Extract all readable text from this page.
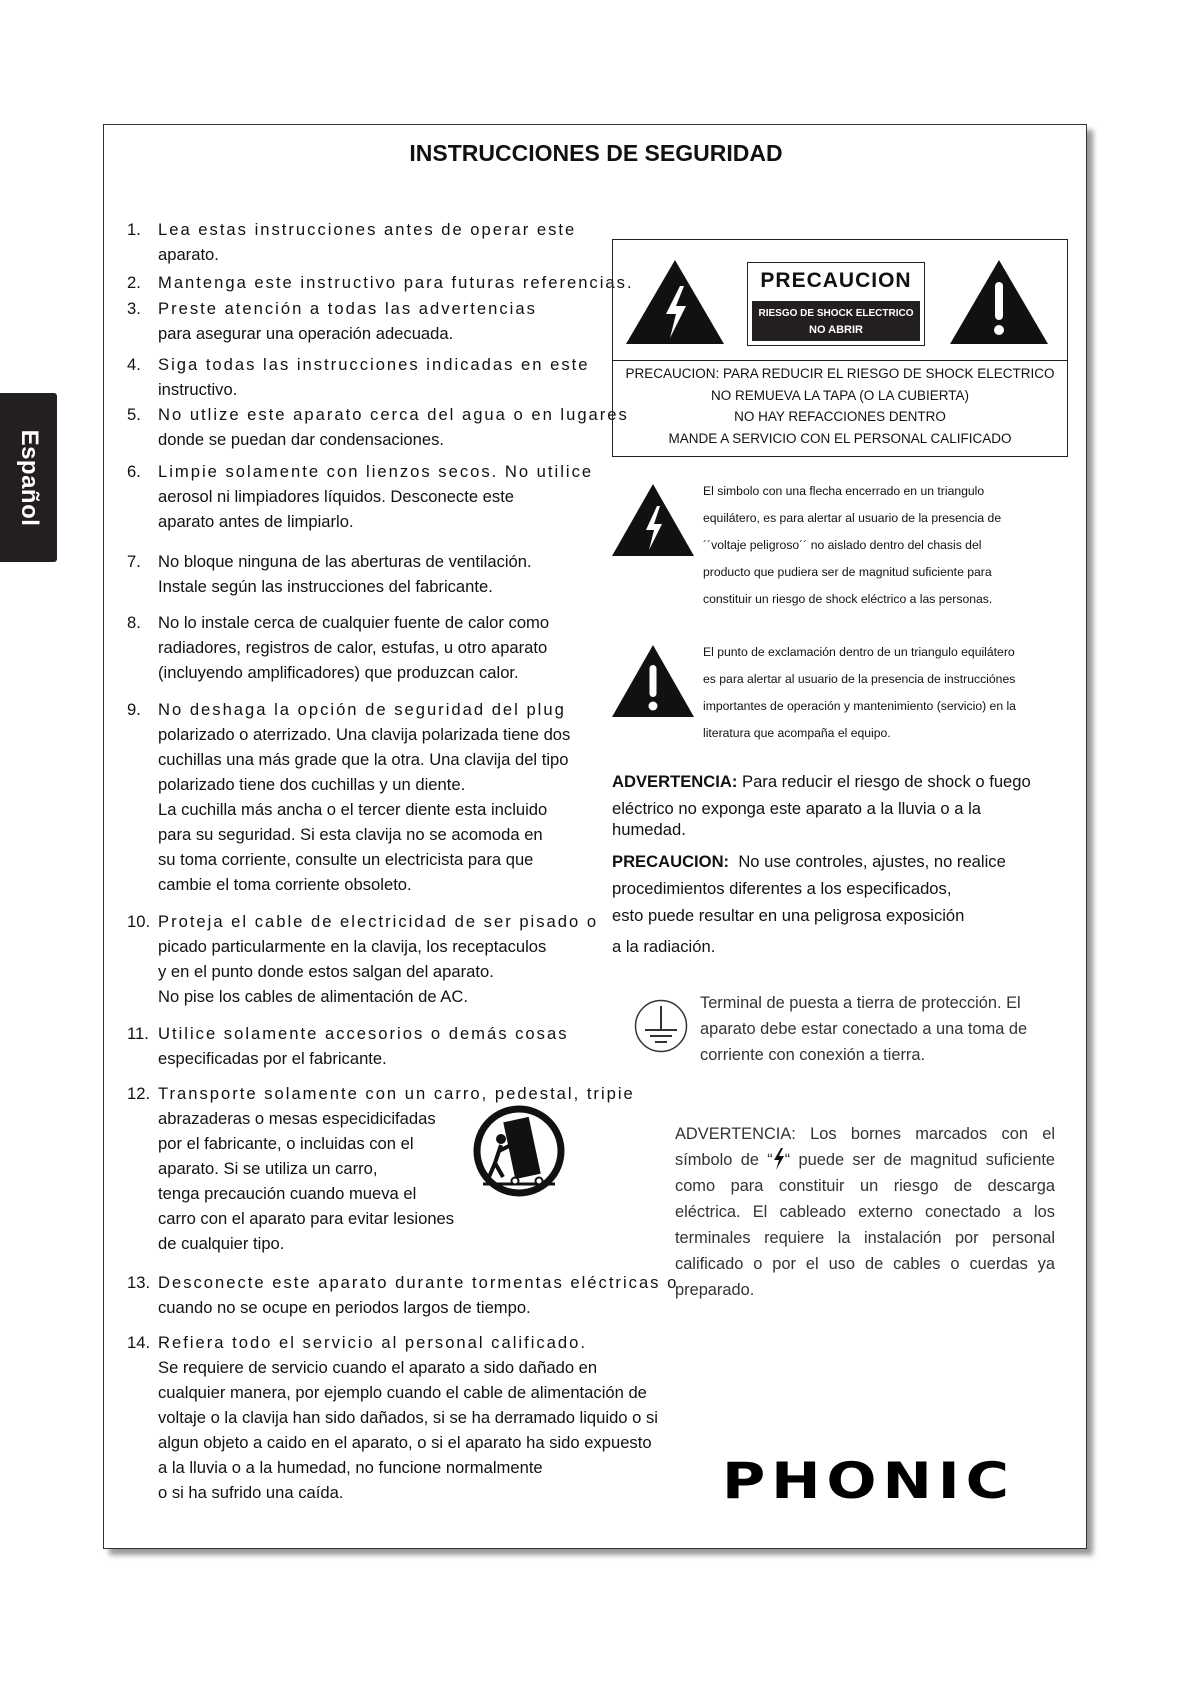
Español
INSTRUCCIONES DE SEGURIDAD
1. Lea estas instrucciones antes de operar este
aparato.
2. Mantenga este instructivo para futuras referencias.
3. Preste atención a todas las advertencias
para asegurar una operación adecuada.
4. Siga todas las instrucciones indicadas en este
instructivo.
5. No utlize este aparato cerca del agua o en lugares
donde se puedan dar condensaciones.
6. Limpie solamente con lienzos secos. No utilice
aerosol ni limpiadores líquidos. Desconecte este
aparato antes de limpiarlo.
7. No bloque ninguna de las aberturas de ventilación.
Instale según las instrucciones del fabricante.
8. No lo instale cerca de cualquier fuente de calor como
radiadores, registros de calor, estufas, u otro aparato
(incluyendo amplificadores) que produzcan calor.
9. No deshaga la opción de seguridad del plug
polarizado o aterrizado. Una clavija polarizada tiene dos
cuchillas una más grade que la otra. Una clavija del tipo
polarizado tiene dos cuchillas y un diente.
La cuchilla más ancha o el tercer diente esta incluido
para su seguridad. Si esta clavija no se acomoda en
su toma corriente, consulte un electricista para que
cambie el toma corriente obsoleto.
10. Proteja el cable de electricidad de ser pisado o
picado particularmente en la clavija, los receptaculos
y en el punto donde estos salgan del aparato.
No pise los cables de alimentación de AC.
11. Utilice solamente accesorios o demás cosas
especificadas por el fabricante.
12. Transporte solamente con un carro, pedestal, tripie
abrazaderas o mesas especidicifadas
por el fabricante, o incluidas con el
aparato. Si se utiliza un carro,
tenga precaución cuando mueva el
carro con el aparato para evitar lesiones
de cualquier tipo.
13. Desconecte este aparato durante tormentas eléctricas o
cuando no se ocupe en periodos largos de tiempo.
14. Refiera todo el servicio al personal calificado.
Se requiere de servicio cuando el aparato a sido dañado en
cualquier manera, por ejemplo cuando el cable de alimentación de
voltaje o la clavija han sido dañados, si se ha derramado liquido o si
algun objeto a caido en el aparato, o si el aparato ha sido expuesto
a la lluvia o a la humedad, no funcione normalmente
o si ha sufrido una caída.
PRECAUCION
RIESGO DE SHOCK ELECTRICO
NO ABRIR
PRECAUCION: PARA REDUCIR EL RIESGO DE SHOCK ELECTRICO
NO REMUEVA LA TAPA (O LA CUBIERTA)
NO HAY REFACCIONES DENTRO
MANDE A SERVICIO CON EL PERSONAL CALIFICADO
El simbolo con una flecha encerrado en un triangulo
equilátero, es para alertar al usuario de la presencia de
´´voltaje peligroso´´ no aislado dentro del chasis del
producto que pudiera ser de magnitud suficiente para
constituir un riesgo de shock eléctrico a las personas.
El punto de exclamación dentro de un triangulo equilátero
es para alertar al usuario de la presencia de instrucciónes
importantes de operación y mantenimiento (servicio) en la
literatura que acompaña el equipo.
ADVERTENCIA: Para reducir el riesgo de shock o fuego
eléctrico no exponga este aparato a la lluvia o a la
humedad.
PRECAUCION: No use controles, ajustes, no realice
procedimientos diferentes a los especificados,
esto puede resultar en una peligrosa exposición
a la radiación.
Terminal de puesta a tierra de protección. El
aparato debe estar conectado a una toma de
corriente con conexión a tierra.

ADVERTENCIA: Los bornes marcados con el símbolo de “ “ puede ser de magnitud suficiente como para constituir un riesgo de descarga eléctrica. El cableado externo conectado a los terminales requiere la instalación por personal calificado o por el uso de cables o cuerdas ya preparado.

PHONIC
